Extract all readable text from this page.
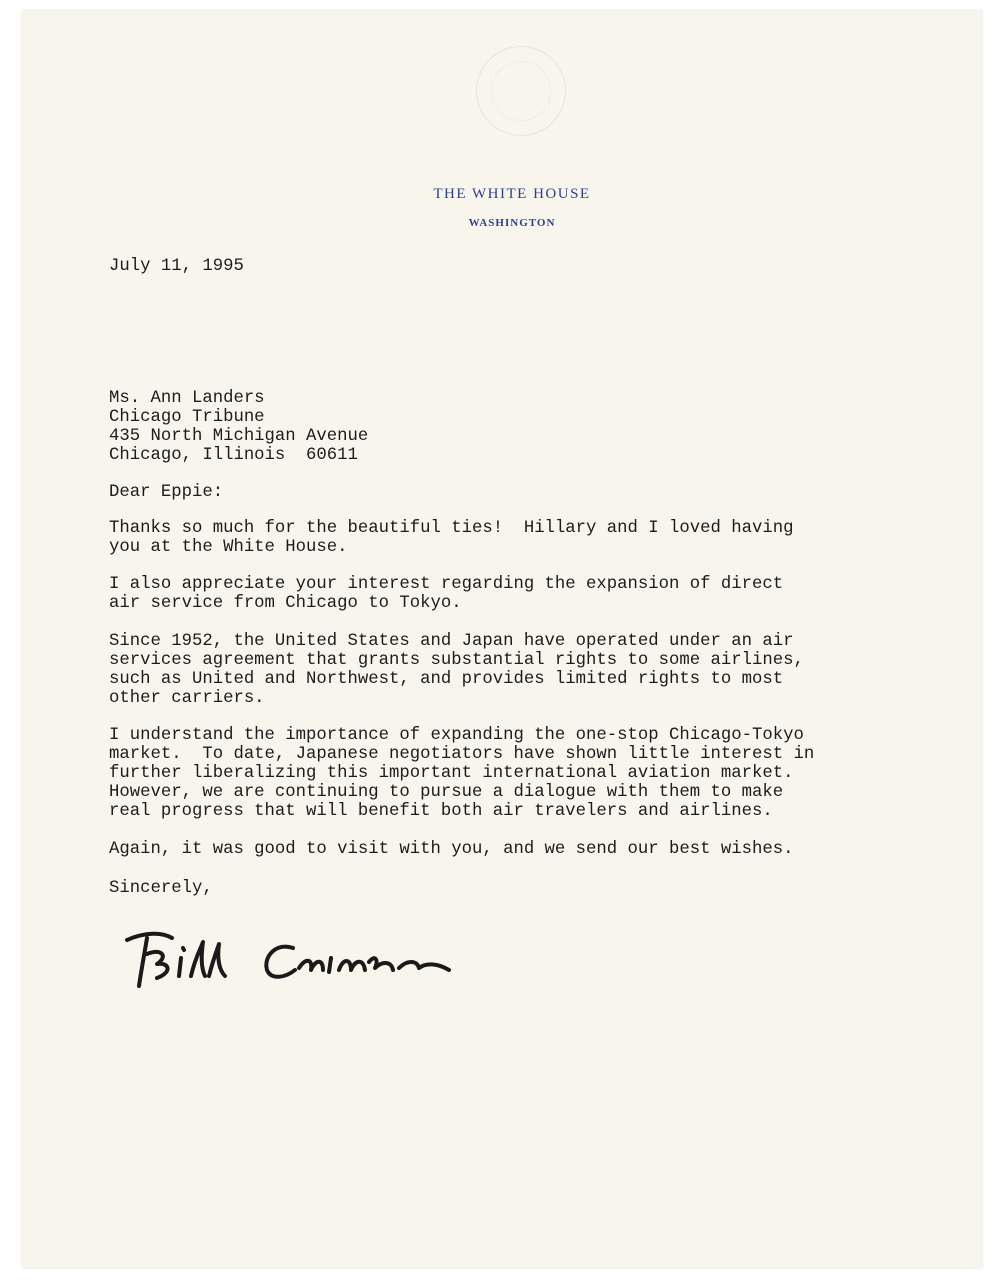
THE WHITE HOUSE

WASHINGTON

July 11, 1995

Ms. Ann Landers

Chicago Tribune

435 North Michigan Avenue

Chicago, Illinois  60611

Dear Eppie:

Thanks so much for the beautiful ties!  Hillary and I loved having

you at the White House.

I also appreciate your interest regarding the expansion of direct

air service from Chicago to Tokyo.

Since 1952, the United States and Japan have operated under an air

services agreement that grants substantial rights to some airlines,

such as United and Northwest, and provides limited rights to most

other carriers.

I understand the importance of expanding the one-stop Chicago-Tokyo

market.  To date, Japanese negotiators have shown little interest in

further liberalizing this important international aviation market.

However, we are continuing to pursue a dialogue with them to make

real progress that will benefit both air travelers and airlines.

Again, it was good to visit with you, and we send our best wishes.

Sincerely,
